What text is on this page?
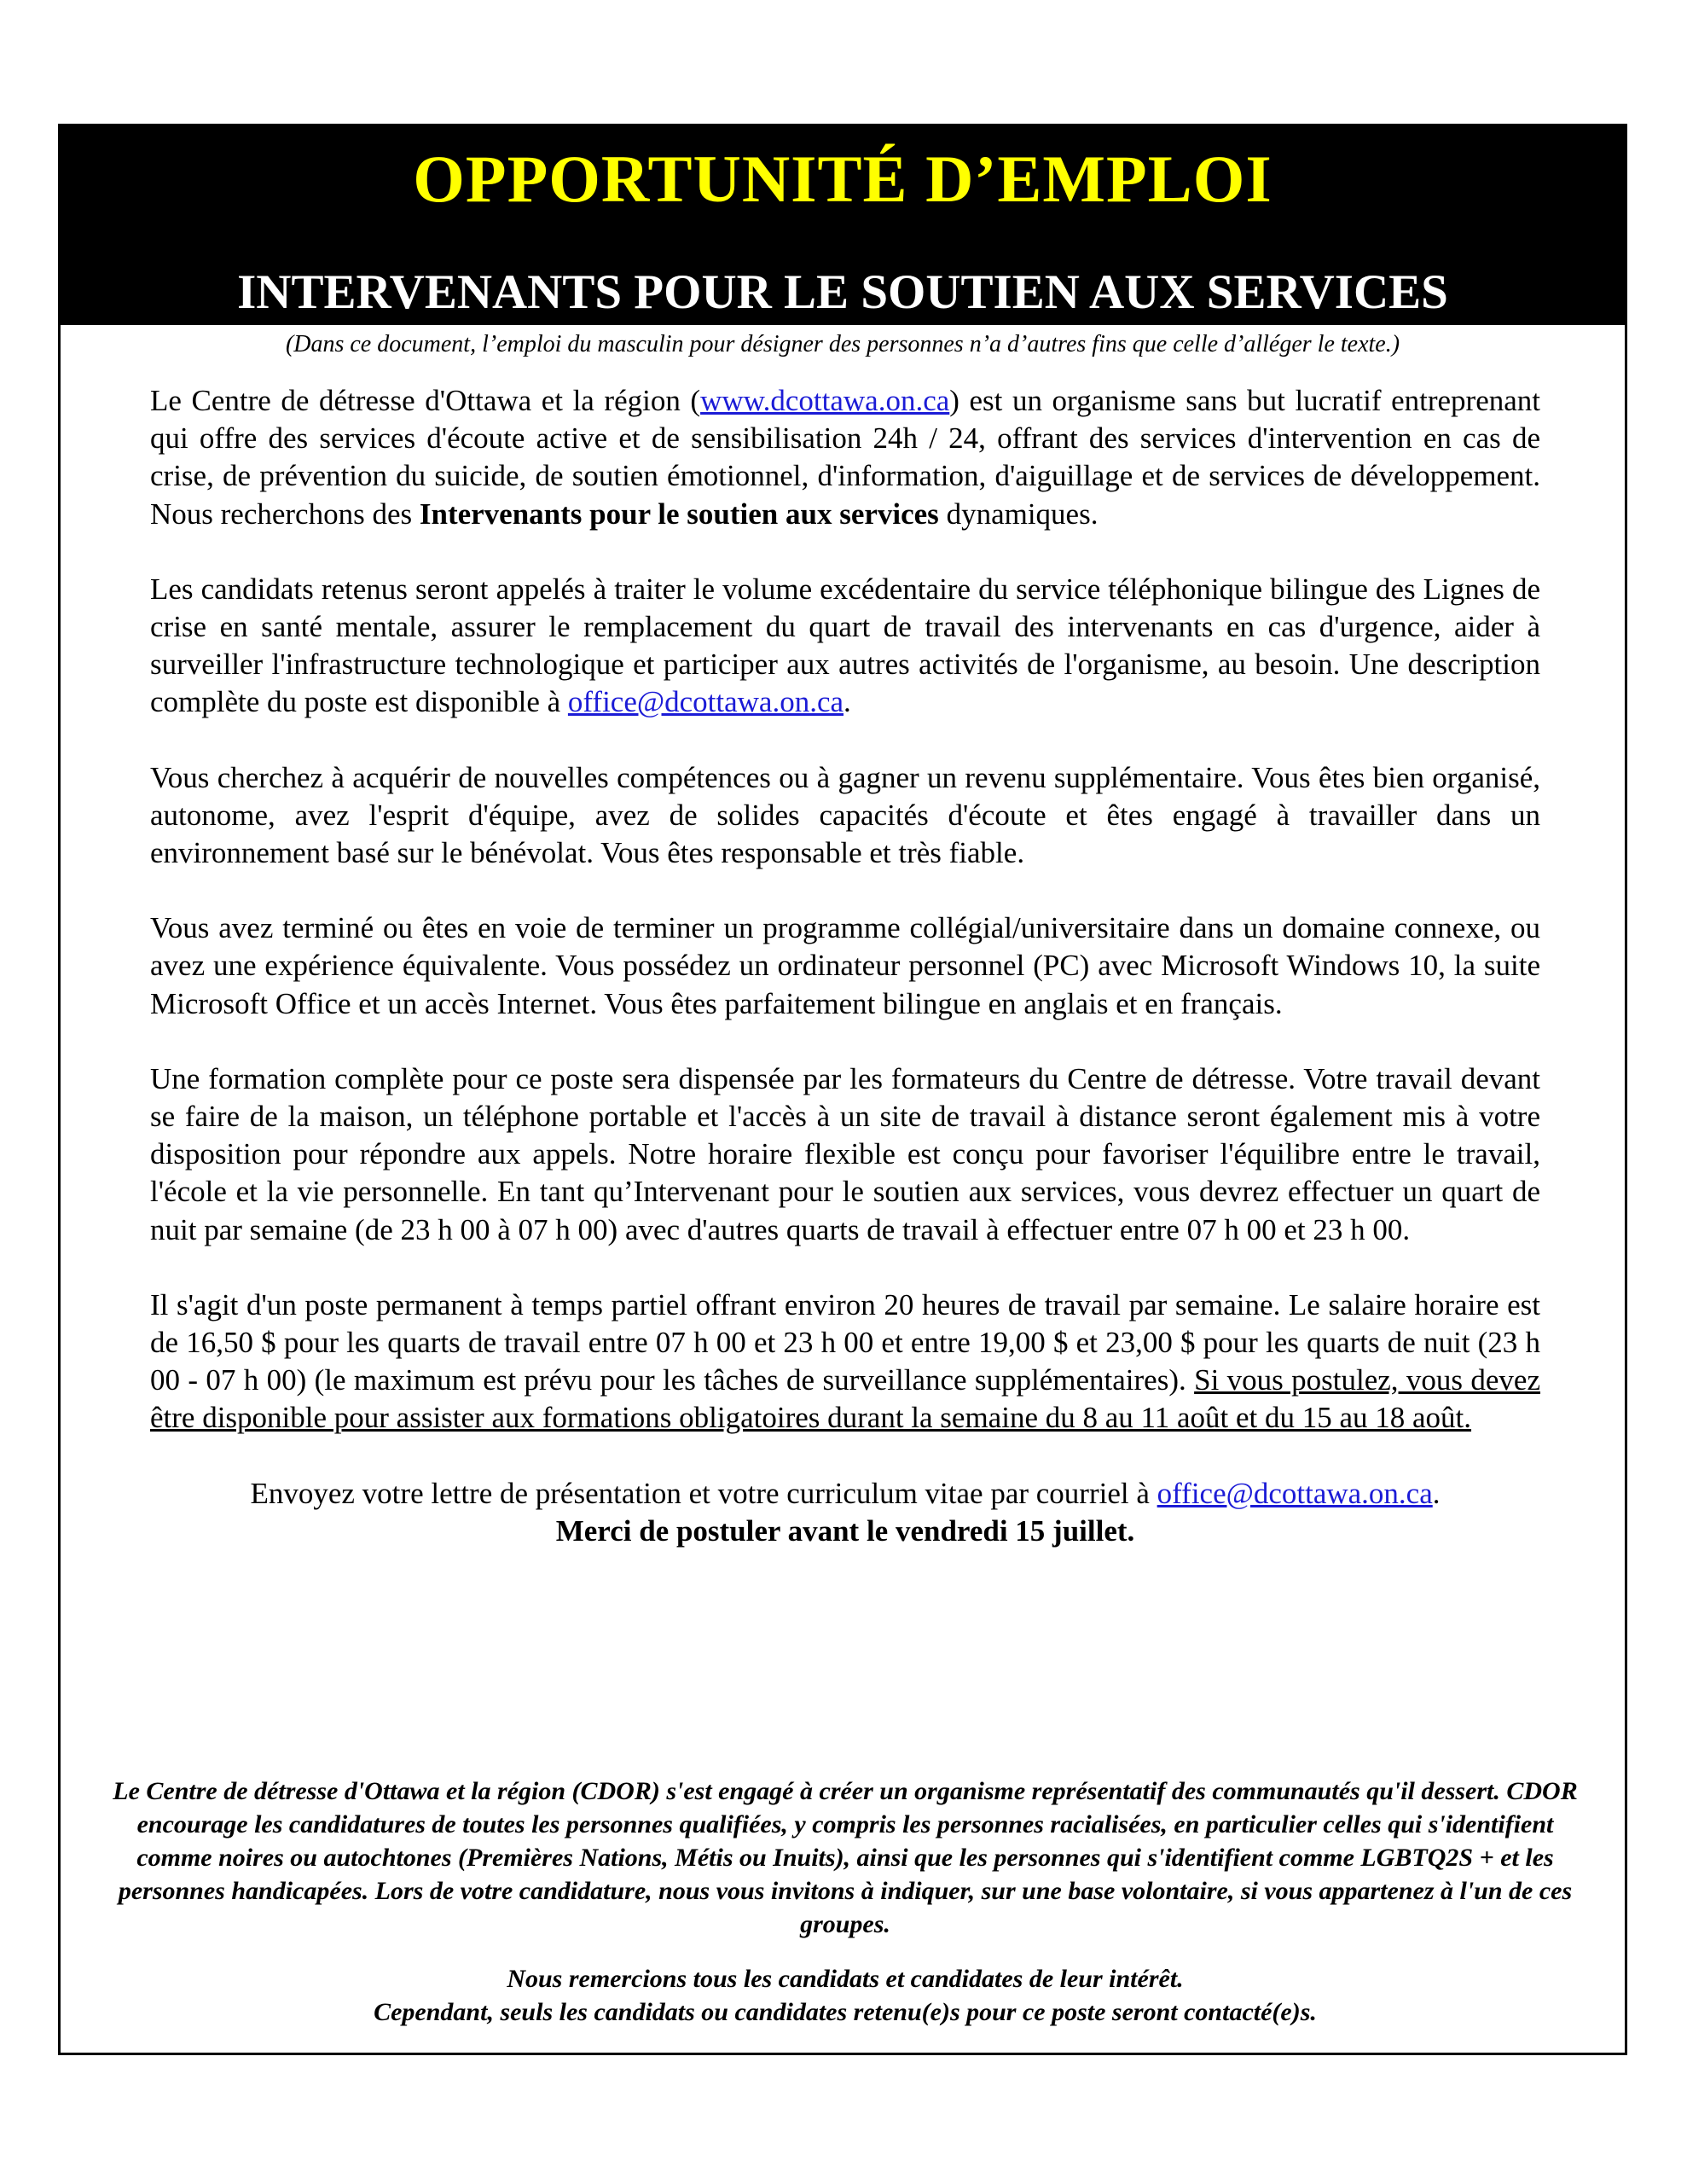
OPPORTUNITÉ D’EMPLOI
INTERVENANTS POUR LE SOUTIEN AUX SERVICES

(Dans ce document, l’emploi du masculin pour désigner des personnes n’a d’autres fins que celle d’alléger le texte.)

Le Centre de détresse d'Ottawa et la région (www.dcottawa.on.ca) est un organisme sans but lucratif entreprenant qui offre des services d'écoute active et de sensibilisation 24h / 24, offrant des services d'intervention en cas de crise, de prévention du suicide, de soutien émotionnel, d'information, d'aiguillage et de services de développement. Nous recherchons des Intervenants pour le soutien aux services dynamiques.

Les candidats retenus seront appelés à traiter le volume excédentaire du service téléphonique bilingue des Lignes de crise en santé mentale, assurer le remplacement du quart de travail des intervenants en cas d'urgence, aider à surveiller l'infrastructure technologique et participer aux autres activités de l'organisme, au besoin. Une description complète du poste est disponible à office@dcottawa.on.ca.

Vous cherchez à acquérir de nouvelles compétences ou à gagner un revenu supplémentaire. Vous êtes bien organisé, autonome, avez l'esprit d'équipe, avez de solides capacités d'écoute et êtes engagé à travailler dans un environnement basé sur le bénévolat. Vous êtes responsable et très fiable.

Vous avez terminé ou êtes en voie de terminer un programme collégial/universitaire dans un domaine connexe, ou avez une expérience équivalente. Vous possédez un ordinateur personnel (PC) avec Microsoft Windows 10, la suite Microsoft Office et un accès Internet. Vous êtes parfaitement bilingue en anglais et en français.

Une formation complète pour ce poste sera dispensée par les formateurs du Centre de détresse. Votre travail devant se faire de la maison, un téléphone portable et l'accès à un site de travail à distance seront également mis à votre disposition pour répondre aux appels. Notre horaire flexible est conçu pour favoriser l'équilibre entre le travail, l'école et la vie personnelle. En tant qu’Intervenant pour le soutien aux services, vous devrez effectuer un quart de nuit par semaine (de 23 h 00 à 07 h 00) avec d'autres quarts de travail à effectuer entre 07 h 00 et 23 h 00.

Il s'agit d'un poste permanent à temps partiel offrant environ 20 heures de travail par semaine. Le salaire horaire est de 16,50 $ pour les quarts de travail entre 07 h 00 et 23 h 00 et entre 19,00 $ et 23,00 $ pour les quarts de nuit (23 h 00 - 07 h 00) (le maximum est prévu pour les tâches de surveillance supplémentaires). Si vous postulez, vous devez être disponible pour assister aux formations obligatoires durant la semaine du 8 au 11 août et du 15 au 18 août.

Envoyez votre lettre de présentation et votre curriculum vitae par courriel à office@dcottawa.on.ca.

Merci de postuler avant le vendredi 15 juillet.

Le Centre de détresse d'Ottawa et la région (CDOR) s'est engagé à créer un organisme représentatif des communautés qu'il dessert. CDOR encourage les candidatures de toutes les personnes qualifiées, y compris les personnes racialisées, en particulier celles qui s'identifient comme noires ou autochtones (Premières Nations, Métis ou Inuits), ainsi que les personnes qui s'identifient comme LGBTQ2S + et les personnes handicapées. Lors de votre candidature, nous vous invitons à indiquer, sur une base volontaire, si vous appartenez à l'un de ces groupes.

Nous remercions tous les candidats et candidates de leur intérêt.

Cependant, seuls les candidats ou candidates retenu(e)s pour ce poste seront contacté(e)s.
